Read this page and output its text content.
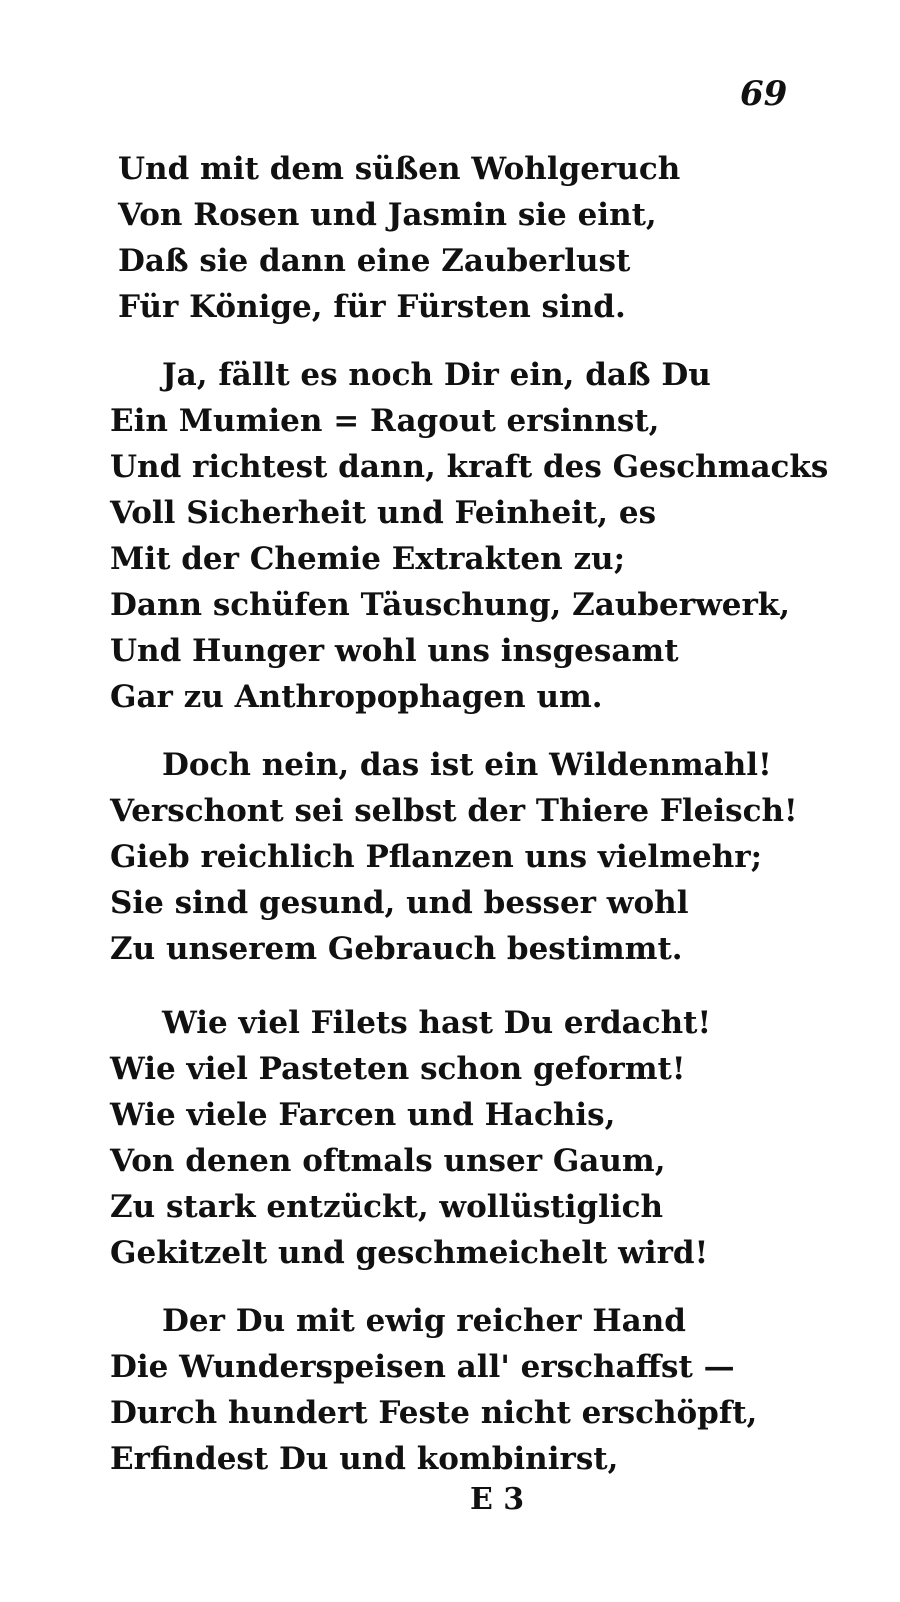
69
Und mit dem süßen Wohlgeruch
Von Rosen und Jasmin sie eint,
Daß sie dann eine Zauberlust
Für Könige, für Fürsten sind.
Ja, fällt es noch Dir ein, daß Du
Ein Mumien = Ragout ersinnst,
Und richtest dann, kraft des Geschmacks
Voll Sicherheit und Feinheit, es
Mit der Chemie Extrakten zu;
Dann schüfen Täuschung, Zauberwerk,
Und Hunger wohl uns insgesamt
Gar zu Anthropophagen um.
Doch nein, das ist ein Wildenmahl!
Verschont sei selbst der Thiere Fleisch!
Gieb reichlich Pflanzen uns vielmehr;
Sie sind gesund, und besser wohl
Zu unserem Gebrauch bestimmt.
Wie viel Filets hast Du erdacht!
Wie viel Pasteten schon geformt!
Wie viele Farcen und Hachis,
Von denen oftmals unser Gaum,
Zu stark entzückt, wollüstiglich
Gekitzelt und geschmeichelt wird!
Der Du mit ewig reicher Hand
Die Wunderspeisen all' erschaffst —
Durch hundert Feste nicht erschöpft,
Erfindest Du und kombinirst,
E 3
